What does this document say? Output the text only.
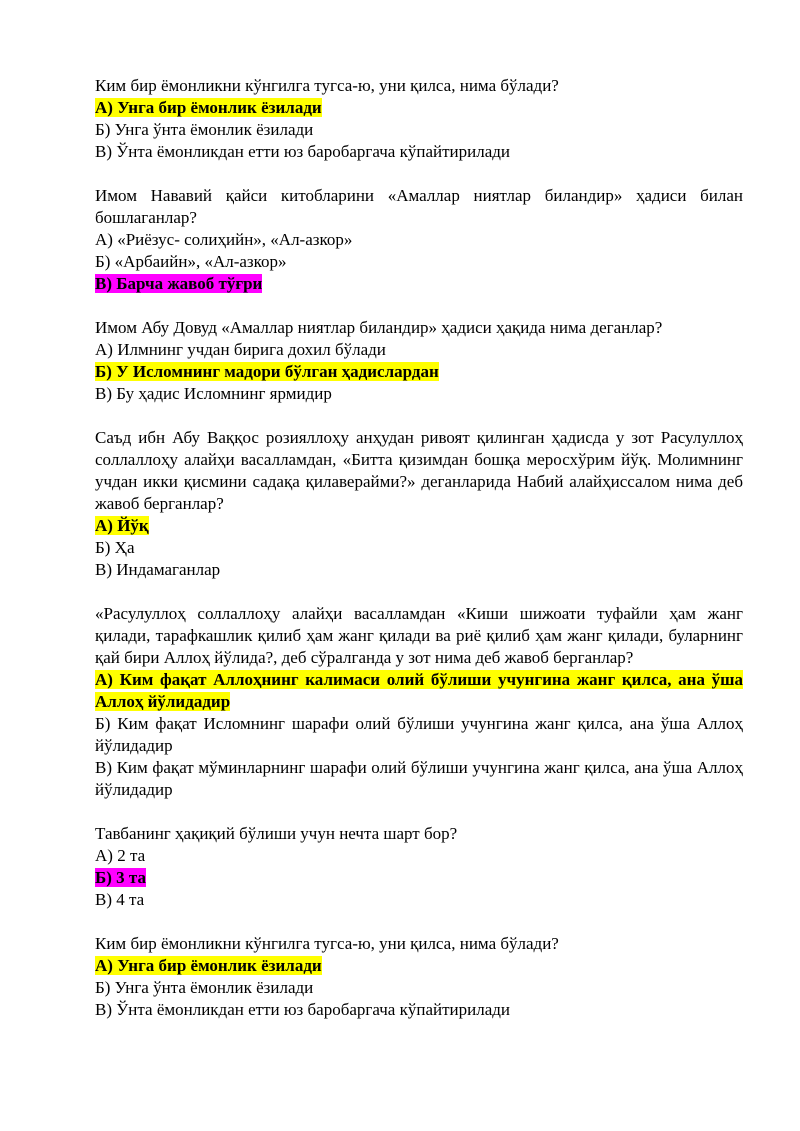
Ким бир ёмонликни кўнгилга тугса-ю, уни қилса, нима бўлади?

А) Унга бир ёмонлик ёзилади

Б) Унга ўнта ёмонлик ёзилади

В) Ўнта ёмонликдан етти юз баробаргача кўпайтирилади

Имом Нававий қайси китобларини «Амаллар ниятлар биландир» ҳадиси билан бошлаганлар?

А) «Риёзус- солиҳийн», «Ал-азкор»

Б) «Арбаийн», «Ал-азкор»

В) Барча жавоб тўғри

Имом Абу Довуд «Амаллар ниятлар биландир» ҳадиси ҳақида нима деганлар?

А) Илмнинг учдан бирига дохил бўлади

Б) У Исломнинг мадори бўлган ҳадислардан

В) Бу ҳадис Исломнинг ярмидир

Саъд ибн Абу Ваққос розияллоҳу анҳудан ривоят қилинган ҳадисда у зот Расулуллоҳ соллаллоҳу алайҳи васалламдан, «Битта қизимдан бошқа меросхўрим йўқ. Молимнинг учдан икки қисмини садақа қилаверайми?» деганларида Набий алайҳиссалом нима деб жавоб берганлар?

А) Йўқ

Б) Ҳа

В) Индамаганлар

«Расулуллоҳ соллаллоҳу алайҳи васалламдан «Киши шижоати туфайли ҳам жанг қилади, тарафкашлик қилиб ҳам жанг қилади ва риё қилиб ҳам жанг қилади, буларнинг қай бири Аллоҳ йўлида?, деб сўралганда у зот нима деб жавоб берганлар?

А) Ким фақат Аллоҳнинг калимаси олий бўлиши учунгина жанг қилса, ана ўша Аллоҳ йўлидадир

Б) Ким фақат Исломнинг шарафи олий бўлиши учунгина жанг қилса, ана ўша Аллоҳ йўлидадир

В) Ким фақат мўминларнинг шарафи олий бўлиши учунгина жанг қилса, ана ўша Аллоҳ йўлидадир

Тавбанинг ҳақиқий бўлиши учун нечта шарт бор?

А) 2 та

Б) 3 та

В) 4 та

Ким бир ёмонликни кўнгилга тугса-ю, уни қилса, нима бўлади?

А) Унга бир ёмонлик ёзилади

Б) Унга ўнта ёмонлик ёзилади

В) Ўнта ёмонликдан етти юз баробаргача кўпайтирилади
